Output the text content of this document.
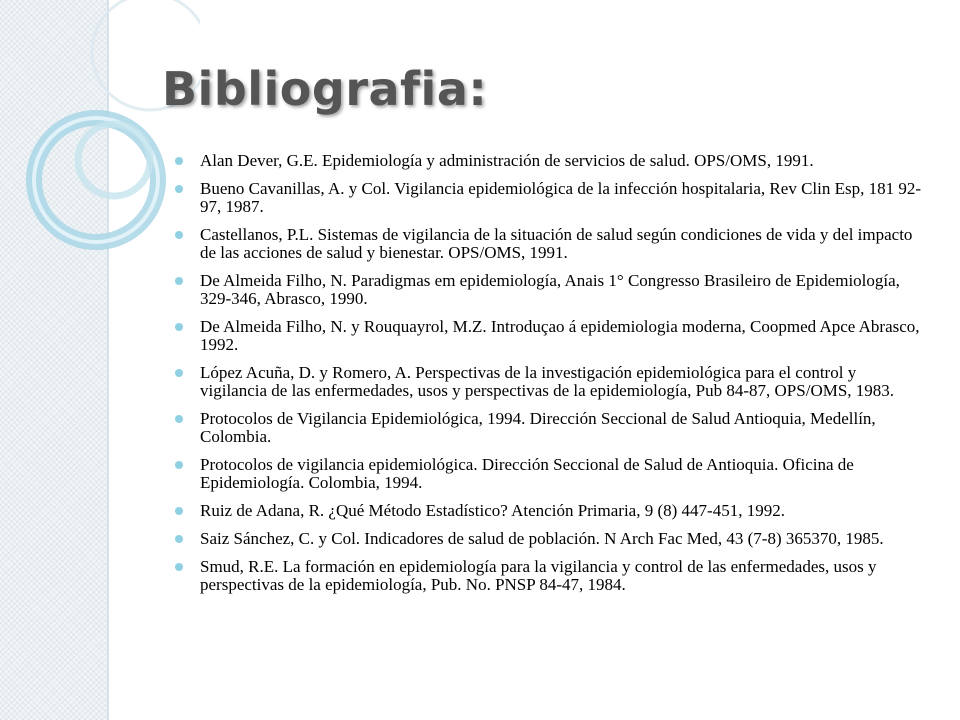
Bibliografia:
Alan Dever, G.E. Epidemiología y administración de servicios de salud. OPS/OMS, 1991.
Bueno Cavanillas, A. y Col. Vigilancia epidemiológica de la infección hospitalaria, Rev Clin Esp, 181 92-97, 1987.
Castellanos, P.L. Sistemas de vigilancia de la situación de salud según condiciones de vida y del impacto de las acciones de salud y bienestar. OPS/OMS, 1991.
De Almeida Filho, N. Paradigmas em epidemiología, Anais 1° Congresso Brasileiro de Epidemiología, 329-346, Abrasco, 1990.
De Almeida Filho, N. y Rouquayrol, M.Z. Introduçao á epidemiologia moderna, Coopmed Apce Abrasco, 1992.
López Acuña, D. y Romero, A. Perspectivas de la investigación epidemiológica para el control y vigilancia de las enfermedades, usos y perspectivas de la epidemiología, Pub 84-87, OPS/OMS, 1983.
Protocolos de Vigilancia Epidemiológica, 1994. Dirección Seccional de Salud Antioquia, Medellín, Colombia.
Protocolos de vigilancia epidemiológica. Dirección Seccional de Salud de Antioquia. Oficina de Epidemiología. Colombia, 1994.
Ruiz de Adana, R. ¿Qué Método Estadístico? Atención Primaria, 9 (8) 447-451, 1992.
Saiz Sánchez, C. y Col. Indicadores de salud de población. N Arch Fac Med, 43 (7-8) 365370, 1985.
Smud, R.E. La formación en epidemiología para la vigilancia y control de las enfermedades, usos y perspectivas de la epidemiología, Pub. No. PNSP 84-47, 1984.
